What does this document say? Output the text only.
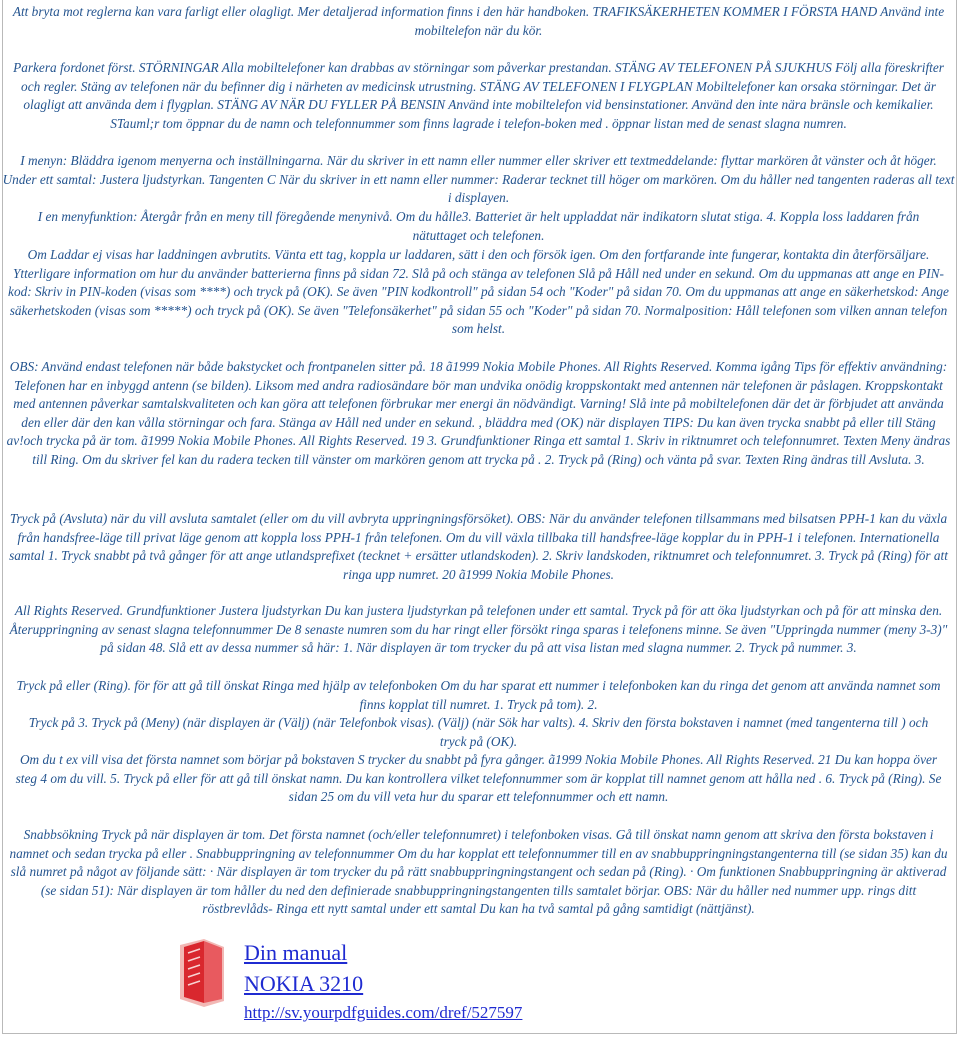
Att bryta mot reglerna kan vara farligt eller olagligt. Mer detaljerad information finns i den här handboken. TRAFIKSÄKERHETEN KOMMER I FÖRSTA HAND Använd inte mobiltelefon när du kör.
Parkera fordonet först. STÖRNINGAR Alla mobiltelefoner kan drabbas av störningar som påverkar prestandan. STÄNG AV TELEFONEN PÅ SJUKHUS Följ alla föreskrifter och regler. Stäng av telefonen när du befinner dig i närheten av medicinsk utrustning. STÄNG AV TELEFONEN I FLYGPLAN Mobiltelefoner kan orsaka störningar. Det är olagligt att använda dem i flygplan. STÄNG AV NÄR DU FYLLER PÅ BENSIN Använd inte mobiltelefon vid bensinstationer. Använd den inte nära bränsle och kemikalier. STauml;r tom öppnar du de namn och telefonnummer som finns lagrade i telefon-boken med . öppnar listan med de senast slagna numren.
I menyn: Bläddra igenom menyerna och inställningarna. När du skriver in ett namn eller nummer eller skriver ett textmeddelande: flyttar markören åt vänster och åt höger. Under ett samtal: Justera ljudstyrkan. Tangenten C När du skriver in ett namn eller nummer: Raderar tecknet till höger om markören. Om du håller ned tangenten raderas all text i displayen.
I en menyfunktion: Återgår från en meny till föregående menynivå. Om du hålle3. Batteriet är helt uppladdat när indikatorn slutat stiga. 4. Koppla loss laddaren från nätuttaget och telefonen.
Om Laddar ej visas har laddningen avbrutits. Vänta ett tag, koppla ur laddaren, sätt i den och försök igen. Om den fortfarande inte fungerar, kontakta din återförsäljare. Ytterligare information om hur du använder batterierna finns på sidan 72. Slå på och stänga av telefonen Slå på Håll ned under en sekund. Om du uppmanas att ange en PIN-kod: Skriv in PIN-koden (visas som ****) och tryck på (OK). Se även "PIN kodkontroll" på sidan 54 och "Koder" på sidan 70. Om du uppmanas att ange en säkerhetskod: Ange säkerhetskoden (visas som *****) och tryck på (OK). Se även "Telefonsäkerhet" på sidan 55 och "Koder" på sidan 70. Normalposition: Håll telefonen som vilken annan telefon som helst.
OBS: Använd endast telefonen när både bakstycket och frontpanelen sitter på. 18 ã1999 Nokia Mobile Phones. All Rights Reserved. Komma igång Tips för effektiv användning: Telefonen har en inbyggd antenn (se bilden). Liksom med andra radiosändare bör man undvika onödig kroppskontakt med antennen när telefonen är påslagen. Kroppskontakt med antennen påverkar samtalskvaliteten och kan göra att telefonen förbrukar mer energi än nödvändigt. Varning! Slå inte på mobiltelefonen där det är förbjudet att använda den eller där den kan vålla störningar och fara. Stänga av Håll ned under en sekund. , bläddra med (OK) när displayen TIPS: Du kan även trycka snabbt på eller till Stäng av!och trycka på är tom. ã1999 Nokia Mobile Phones. All Rights Reserved. 19 3. Grundfunktioner Ringa ett samtal 1. Skriv in riktnumret och telefonnumret. Texten Meny ändras till Ring. Om du skriver fel kan du radera tecken till vänster om markören genom att trycka på . 2. Tryck på (Ring) och vänta på svar. Texten Ring ändras till Avsluta. 3.
Tryck på (Avsluta) när du vill avsluta samtalet (eller om du vill avbryta uppringningsförsöket). OBS: När du använder telefonen tillsammans med bilsatsen PPH-1 kan du växla från handsfree-läge till privat läge genom att koppla loss PPH-1 från telefonen. Om du vill växla tillbaka till handsfree-läge kopplar du in PPH-1 i telefonen. Internationella samtal 1. Tryck snabbt på två gånger för att ange utlandsprefixet (tecknet + ersätter utlandskoden). 2. Skriv landskoden, riktnumret och telefonnumret. 3. Tryck på (Ring) för att ringa upp numret. 20 ã1999 Nokia Mobile Phones.
All Rights Reserved. Grundfunktioner Justera ljudstyrkan Du kan justera ljudstyrkan på telefonen under ett samtal. Tryck på för att öka ljudstyrkan och på för att minska den. Återuppringning av senast slagna telefonnummer De 8 senaste numren som du har ringt eller försökt ringa sparas i telefonens minne. Se även "Uppringda nummer (meny 3-3)" på sidan 48. Slå ett av dessa nummer så här: 1. När displayen är tom trycker du på att visa listan med slagna nummer. 2. Tryck på nummer. 3.
Tryck på eller (Ring). för för att gå till önskat Ringa med hjälp av telefonboken Om du har sparat ett nummer i telefonboken kan du ringa det genom att använda namnet som finns kopplat till numret. 1. Tryck på tom). 2.
Tryck på 3. Tryck på (Meny) (när displayen är (Välj) (när Telefonbok visas). (Välj) (när Sök har valts). 4. Skriv den första bokstaven i namnet (med tangenterna till ) och tryck på (OK).
Om du t ex vill visa det första namnet som börjar på bokstaven S trycker du snabbt på fyra gånger. ã1999 Nokia Mobile Phones. All Rights Reserved. 21 Du kan hoppa över steg 4 om du vill. 5. Tryck på eller för att gå till önskat namn. Du kan kontrollera vilket telefonnummer som är kopplat till namnet genom att hålla ned . 6. Tryck på (Ring). Se sidan 25 om du vill veta hur du sparar ett telefonnummer och ett namn.
Snabbsökning Tryck på när displayen är tom. Det första namnet (och/eller telefonnumret) i telefonboken visas. Gå till önskat namn genom att skriva den första bokstaven i namnet och sedan trycka på eller . Snabbuppringning av telefonnummer Om du har kopplat ett telefonnummer till en av snabbuppringningstangenterna till (se sidan 35) kan du slå numret på något av följande sätt: · När displayen är tom trycker du på rätt snabbuppringningstangent och sedan på (Ring). · Om funktionen Snabbuppringning är aktiverad (se sidan 51): När displayen är tom håller du ned den definierade snabbuppringningstangenten tills samtalet börjar. OBS: När du håller ned nummer upp. rings ditt röstbrevlåds- Ringa ett nytt samtal under ett samtal Du kan ha två samtal på gång samtidigt (nättjänst).
Din manual
NOKIA 3210
http://sv.yourpdfguides.com/dref/527597
